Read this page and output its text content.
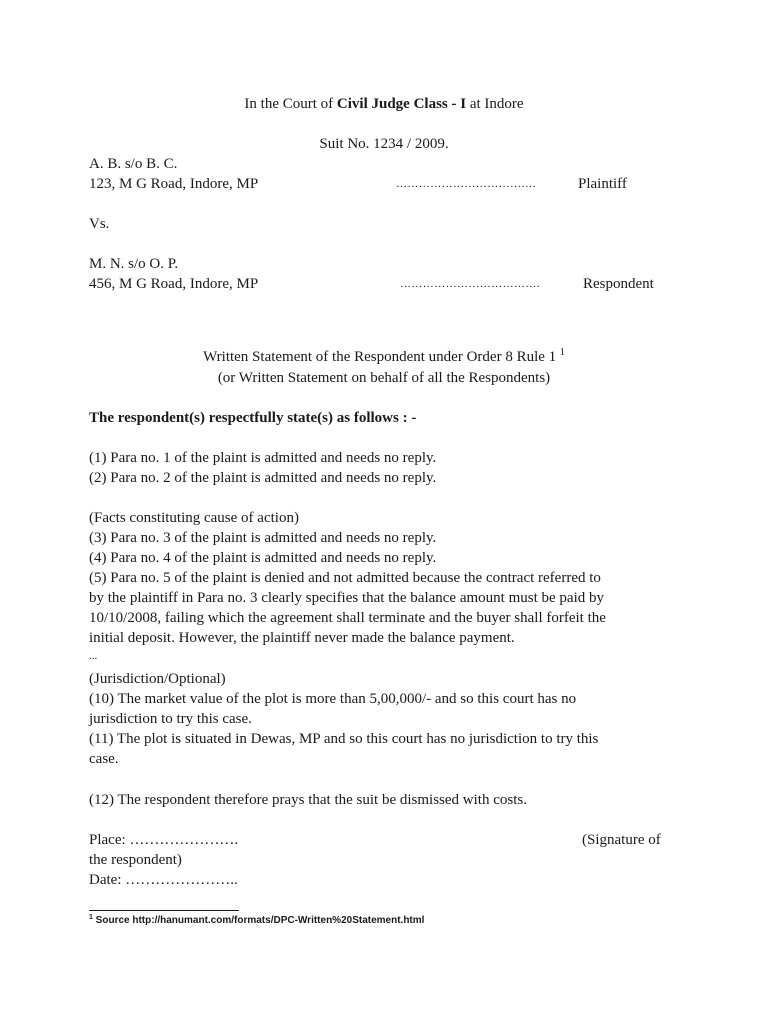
In the Court of Civil Judge Class - I at Indore
Suit No. 1234 / 2009.
A. B. s/o B. C.
123, M G Road, Indore, MP	……………………………….	Plaintiff
Vs.
M. N. s/o O. P.
456, M G Road, Indore, MP	……………………………….	Respondent
Written Statement of the Respondent under Order 8 Rule 1 $^1$
(or Written Statement on behalf of all the Respondents)
The respondent(s) respectfully state(s) as follows : -
(1) Para no. 1 of the plaint is admitted and needs no reply.
(2) Para no. 2 of the plaint is admitted and needs no reply.
(Facts constituting cause of action)
(3) Para no. 3 of the plaint is admitted and needs no reply.
(4) Para no. 4 of the plaint is admitted and needs no reply.
(5) Para no. 5 of the plaint is denied and not admitted because the contract referred to
by the plaintiff in Para no. 3 clearly specifies that the balance amount must be paid by
10/10/2008, failing which the agreement shall terminate and the buyer shall forfeit the
initial deposit. However, the plaintiff never made the balance payment.
...
(Jurisdiction/Optional)
(10) The market value of the plot is more than 5,00,000/- and so this court has no
jurisdiction to try this case.
(11) The plot is situated in Dewas, MP and so this court has no jurisdiction to try this
case.
(12) The respondent therefore prays that the suit be dismissed with costs.
Place: ………………….	(Signature of
the respondent)
Date: …………………..
$^1$ Source http://hanumant.com/formats/DPC-Written%20Statement.html
